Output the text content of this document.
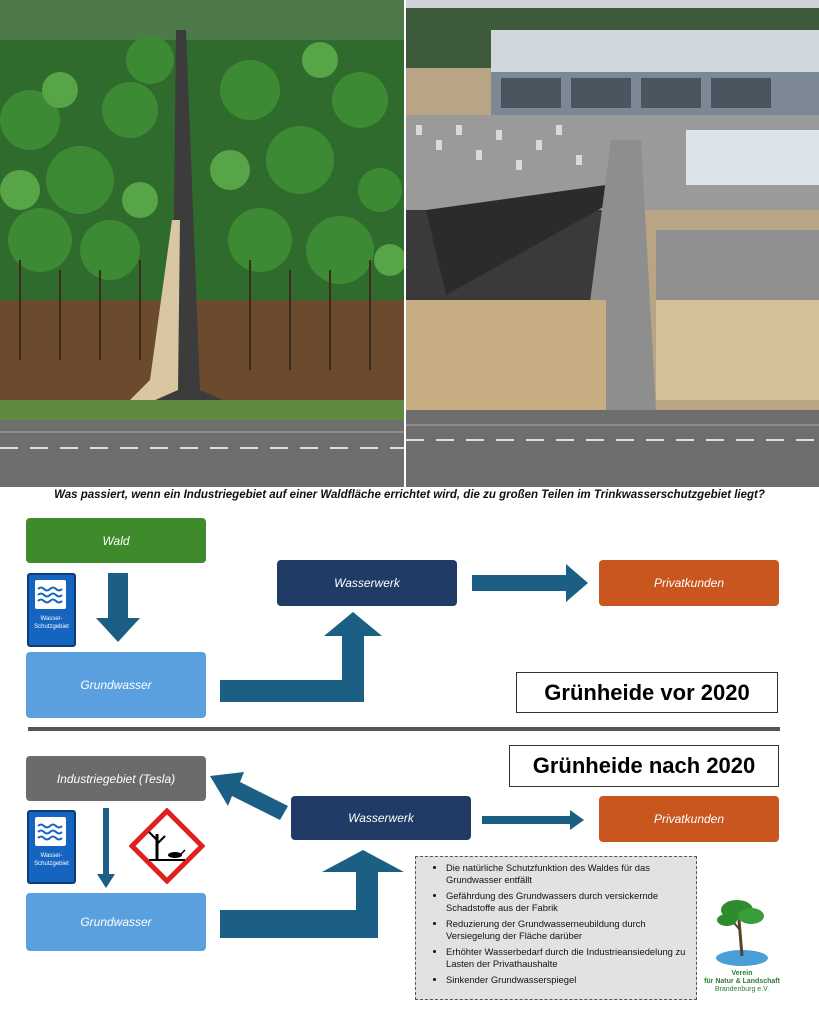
Was passiert, wenn ein Industriegebiet auf einer Waldfläche errichtet wird, die zu großen Teilen im Trinkwasserschutzgebiet liegt?
Wald
Wasser-
Schutzgebiet
Grundwasser
Wasserwerk	Privatkunden
Grünheide vor 2020
Grünheide nach 2020
Industriegebiet (Tesla)
Wasser-
Schutzgebiet
Grundwasser
Wasserwerk	Privatkunden
• Die natürliche Schutzfunktion des Waldes für das Grundwasser entfällt
• Gefährdung des Grundwassers durch versickernde Schadstoffe aus der Fabrik
• Reduzierung der Grundwasserneubildung durch Versiegelung der Fläche darüber
• Erhöhter Wasserbedarf durch die Industrieansiedelung zu Lasten der Privathaushalte
• Sinkender Grundwasserspiegel
Verein
für Natur & Landschaft
Brandenburg e.V.
